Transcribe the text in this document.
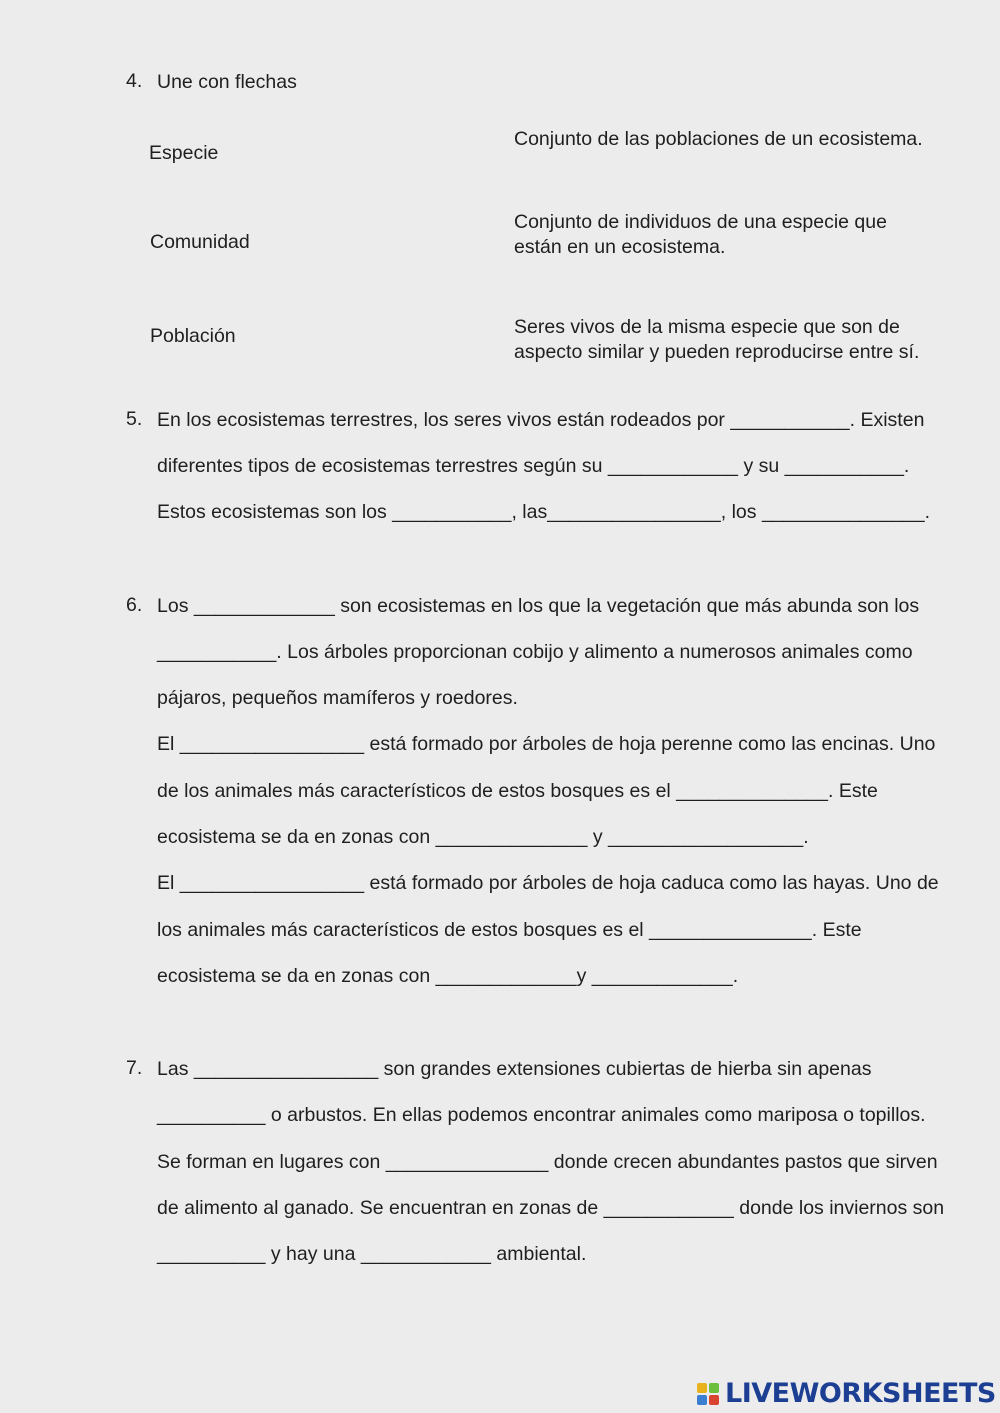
4. Une con flechas
Especie
Comunidad
Población
Conjunto de las poblaciones de un ecosistema.
Conjunto de individuos de una especie que
están en un ecosistema.
Seres vivos de la misma especie que son de
aspecto similar y pueden reproducirse entre sí.
5. En los ecosistemas terrestres, los seres vivos están rodeados por ___________. Existen
diferentes tipos de ecosistemas terrestres según su ____________ y su ___________.
Estos ecosistemas son los ___________, las________________, los _______________.
6. Los _____________ son ecosistemas en los que la vegetación que más abunda son los
___________. Los árboles proporcionan cobijo y alimento a numerosos animales como
pájaros, pequeños mamíferos y roedores.
El _________________ está formado por árboles de hoja perenne como las encinas. Uno
de los animales más característicos de estos bosques es el ______________. Este
ecosistema se da en zonas con ______________ y __________________.
El _________________ está formado por árboles de hoja caduca como las hayas. Uno de
los animales más característicos de estos bosques es el _______________. Este
ecosistema se da en zonas con _____________y _____________.
7. Las _________________ son grandes extensiones cubiertas de hierba sin apenas
__________ o arbustos. En ellas podemos encontrar animales como mariposa o topillos.
Se forman en lugares con _______________ donde crecen abundantes pastos que sirven
de alimento al ganado. Se encuentran en zonas de ____________ donde los inviernos son
__________ y hay una ____________ ambiental.
LIVEWORKSHEETS
